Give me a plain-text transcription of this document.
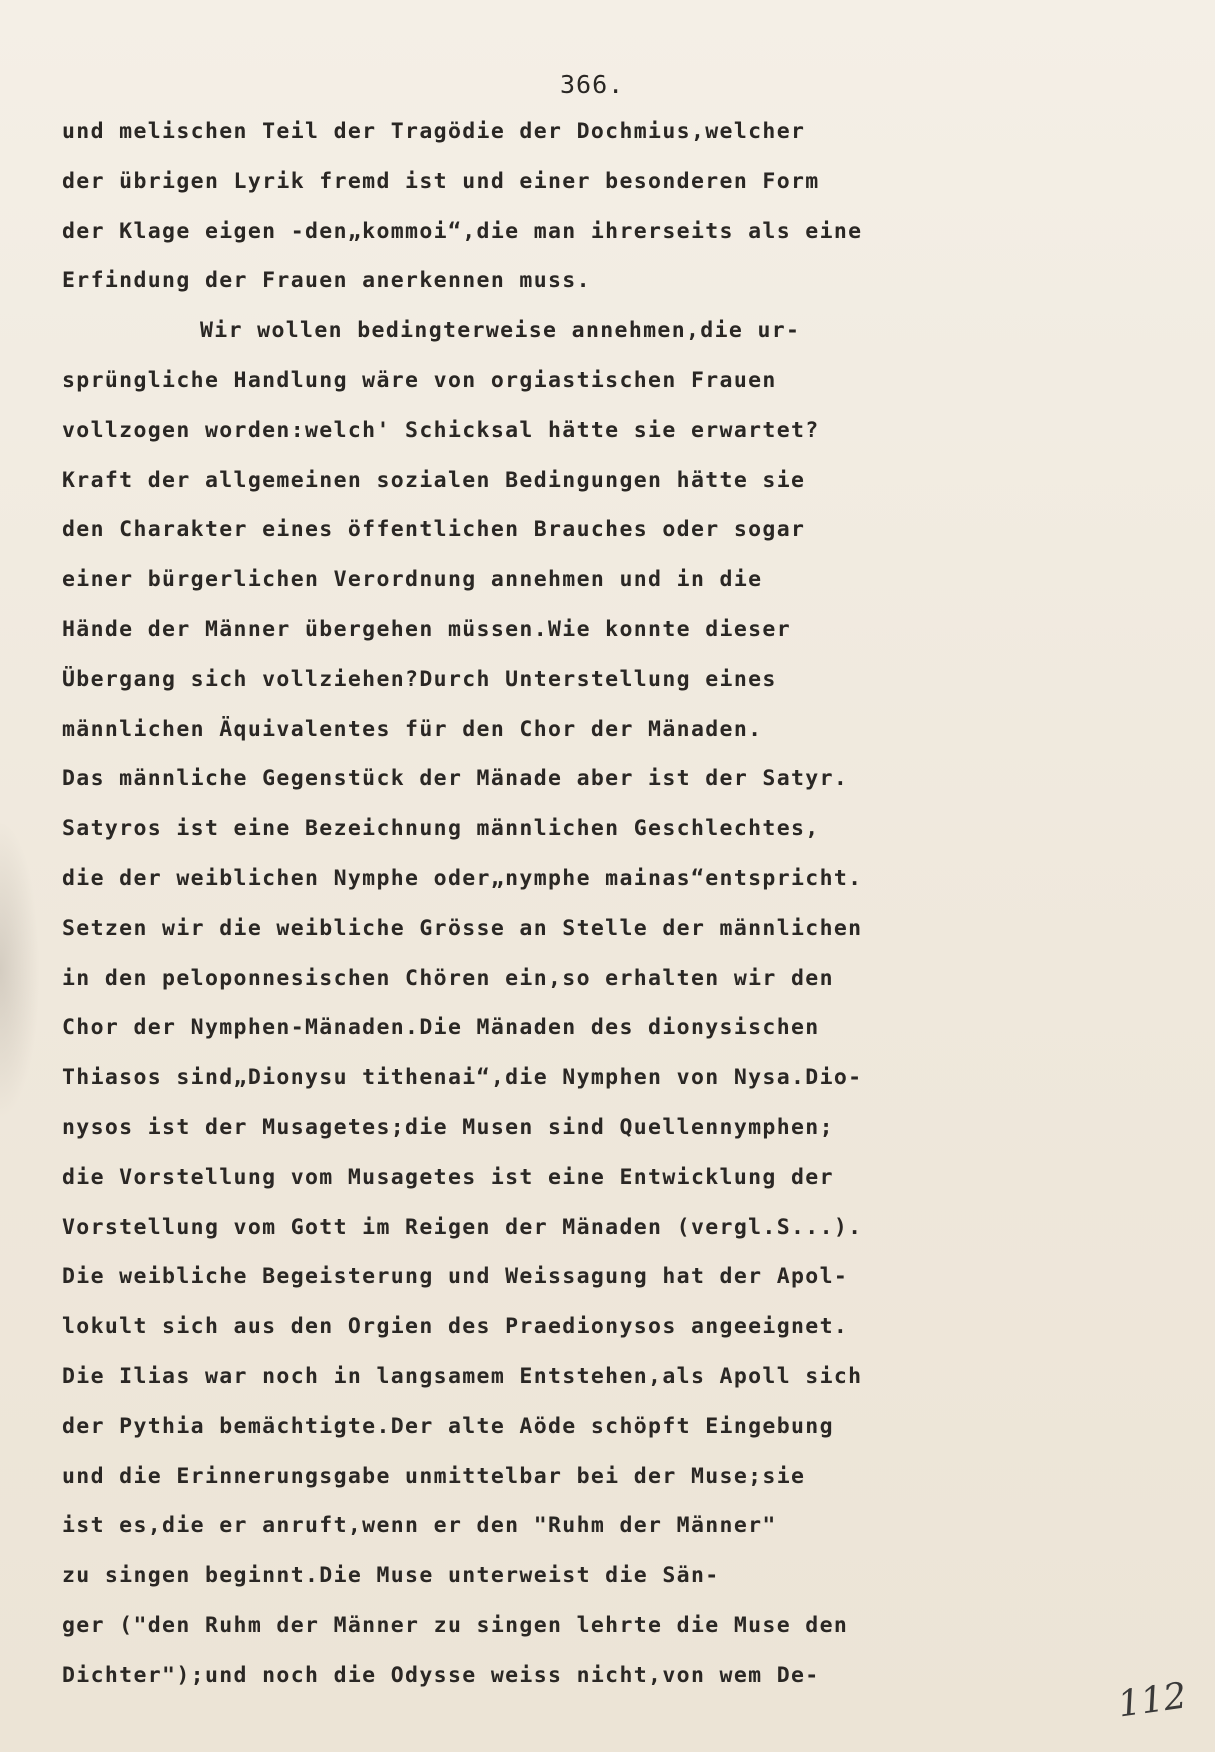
366.
und melischen Teil der Tragödie der Dochmius,welcher
der übrigen Lyrik fremd ist und einer besonderen Form
der Klage eigen -den„kommoi“,die man ihrerseits als eine
Erfindung der Frauen anerkennen muss.
Wir wollen bedingterweise annehmen,die ur-
sprüngliche Handlung wäre von orgiastischen Frauen
vollzogen worden:welch' Schicksal hätte sie erwartet?
Kraft der allgemeinen sozialen Bedingungen hätte sie
den Charakter eines öffentlichen Brauches oder sogar
einer bürgerlichen Verordnung annehmen und in die
Hände der Männer übergehen müssen.Wie konnte dieser
Übergang sich vollziehen?Durch Unterstellung eines
männlichen Äquivalentes für den Chor der Mänaden.
Das männliche Gegenstück der Mänade aber ist der Satyr.
Satyros ist eine Bezeichnung männlichen Geschlechtes,
die der weiblichen Nymphe oder„nymphe mainas“entspricht.
Setzen wir die weibliche Grösse an Stelle der männlichen
in den peloponnesischen Chören ein,so erhalten wir den
Chor der Nymphen-Mänaden.Die Mänaden des dionysischen
Thiasos sind„Dionysu tithenai“,die Nymphen von Nysa.Dio-
nysos ist der Musagetes;die Musen sind Quellennymphen;
die Vorstellung vom Musagetes ist eine Entwicklung der
Vorstellung vom Gott im Reigen der Mänaden (vergl.S...).
Die weibliche Begeisterung und Weissagung hat der Apol-
lokult sich aus den Orgien des Praedionysos angeeignet.
Die Ilias war noch in langsamem Entstehen,als Apoll sich
der Pythia bemächtigte.Der alte Aöde schöpft Eingebung
und die Erinnerungsgabe unmittelbar bei der Muse;sie
ist es,die er anruft,wenn er den "Ruhm der Männer"
zu singen beginnt.Die Muse unterweist die Sän-
ger ("den Ruhm der Männer zu singen lehrte die Muse den
Dichter");und noch die Odysse weiss nicht,von wem De-
112
